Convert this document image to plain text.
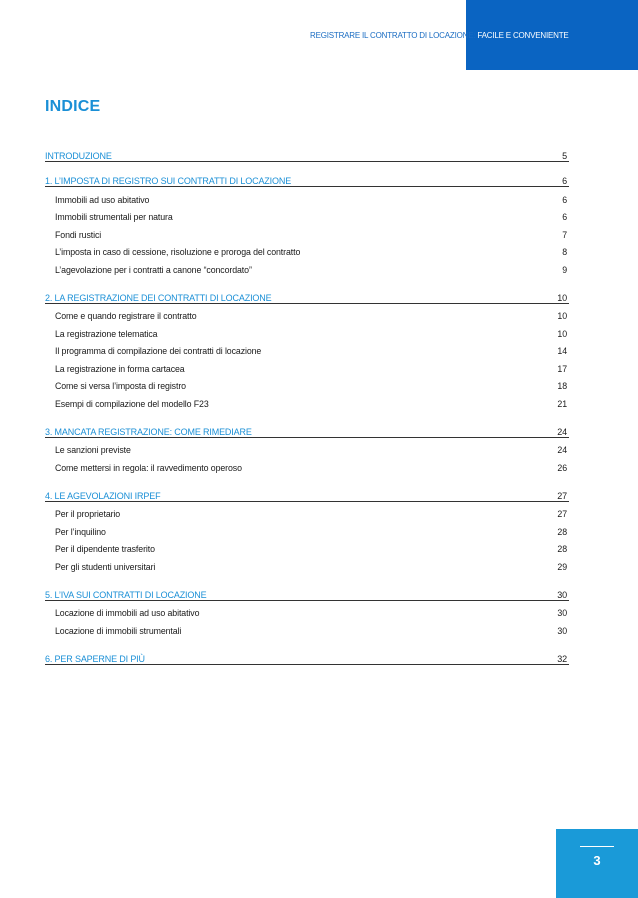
REGISTRARE IL CONTRATTO DI LOCAZIONE: FACILE E CONVENIENTE
INDICE
INTRODUZIONE	5
1. L’IMPOSTA DI REGISTRO SUI CONTRATTI DI LOCAZIONE	6
Immobili ad uso abitativo	6
Immobili strumentali per natura	6
Fondi rustici	7
L’imposta in caso di cessione, risoluzione e proroga del contratto	8
L’agevolazione per i contratti a canone “concordato”	9
2. LA REGISTRAZIONE DEI CONTRATTI DI LOCAZIONE	10
Come e quando registrare il contratto	10
La registrazione telematica	10
Il programma di compilazione dei contratti di locazione	14
La registrazione in forma cartacea	17
Come si versa l’imposta di registro	18
Esempi di compilazione del modello F23	21
3. MANCATA REGISTRAZIONE: COME RIMEDIARE	24
Le sanzioni previste	24
Come mettersi in regola: il ravvedimento operoso	26
4. LE AGEVOLAZIONI IRPEF	27
Per il proprietario	27
Per l’inquilino	28
Per il dipendente trasferito	28
Per gli studenti universitari	29
5. L’IVA SUI CONTRATTI DI LOCAZIONE	30
Locazione di immobili ad uso abitativo	30
Locazione di immobili strumentali	30
6. PER SAPERNE DI PIÙ	32
3
